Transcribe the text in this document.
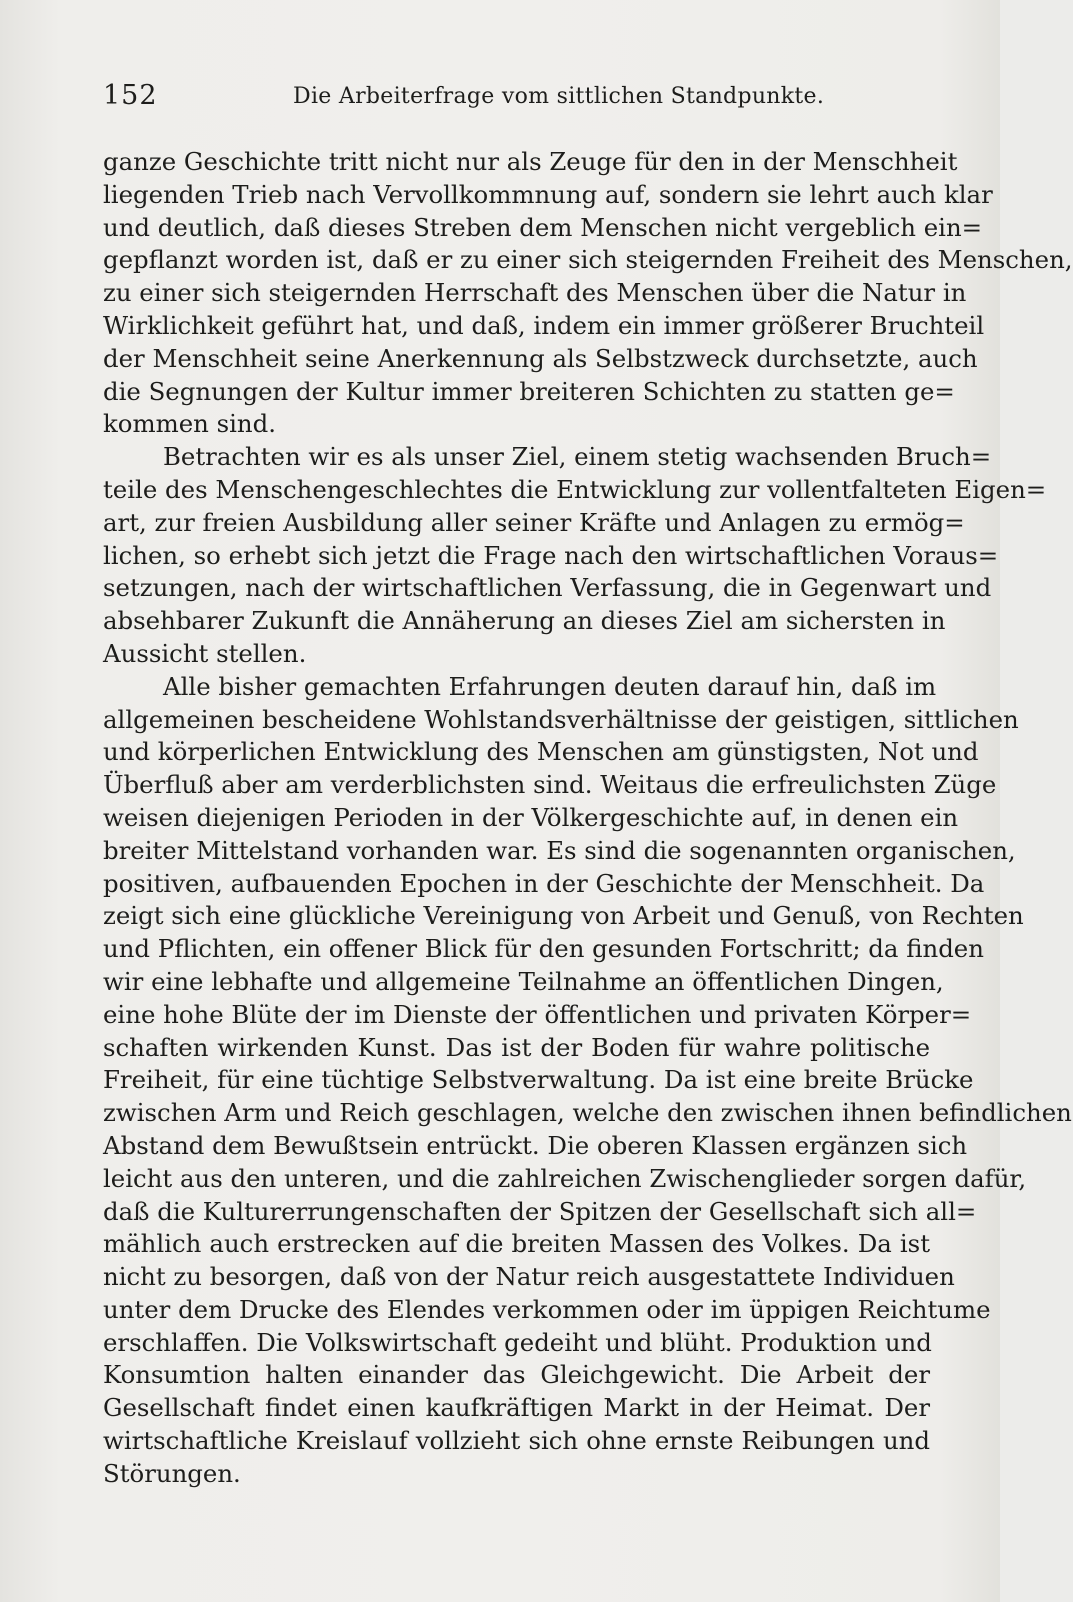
152	Die Arbeiterfrage vom sittlichen Standpunkte.
ganze Geschichte tritt nicht nur als Zeuge für den in der Menschheit
liegenden Trieb nach Vervollkommnung auf, sondern sie lehrt auch klar
und deutlich, daß dieses Streben dem Menschen nicht vergeblich ein=
gepflanzt worden ist, daß er zu einer sich steigernden Freiheit des Menschen,
zu einer sich steigernden Herrschaft des Menschen über die Natur in
Wirklichkeit geführt hat, und daß, indem ein immer größerer Bruchteil
der Menschheit seine Anerkennung als Selbstzweck durchsetzte, auch
die Segnungen der Kultur immer breiteren Schichten zu statten ge=
kommen sind.
Betrachten wir es als unser Ziel, einem stetig wachsenden Bruch=
teile des Menschengeschlechtes die Entwicklung zur vollentfalteten Eigen=
art, zur freien Ausbildung aller seiner Kräfte und Anlagen zu ermög=
lichen, so erhebt sich jetzt die Frage nach den wirtschaftlichen Voraus=
setzungen, nach der wirtschaftlichen Verfassung, die in Gegenwart und
absehbarer Zukunft die Annäherung an dieses Ziel am sichersten in
Aussicht stellen.
Alle bisher gemachten Erfahrungen deuten darauf hin, daß im
allgemeinen bescheidene Wohlstandsverhältnisse der geistigen, sittlichen
und körperlichen Entwicklung des Menschen am günstigsten, Not und
Überfluß aber am verderblichsten sind. Weitaus die erfreulichsten Züge
weisen diejenigen Perioden in der Völkergeschichte auf, in denen ein
breiter Mittelstand vorhanden war. Es sind die sogenannten organischen,
positiven, aufbauenden Epochen in der Geschichte der Menschheit. Da
zeigt sich eine glückliche Vereinigung von Arbeit und Genuß, von Rechten
und Pflichten, ein offener Blick für den gesunden Fortschritt; da finden
wir eine lebhafte und allgemeine Teilnahme an öffentlichen Dingen,
eine hohe Blüte der im Dienste der öffentlichen und privaten Körper=
schaften wirkenden Kunst. Das ist der Boden für wahre politische
Freiheit, für eine tüchtige Selbstverwaltung. Da ist eine breite Brücke
zwischen Arm und Reich geschlagen, welche den zwischen ihnen befindlichen
Abstand dem Bewußtsein entrückt. Die oberen Klassen ergänzen sich
leicht aus den unteren, und die zahlreichen Zwischenglieder sorgen dafür,
daß die Kulturerrungenschaften der Spitzen der Gesellschaft sich all=
mählich auch erstrecken auf die breiten Massen des Volkes. Da ist
nicht zu besorgen, daß von der Natur reich ausgestattete Individuen
unter dem Drucke des Elendes verkommen oder im üppigen Reichtume
erschlaffen. Die Volkswirtschaft gedeiht und blüht. Produktion und
Konsumtion halten einander das Gleichgewicht. Die Arbeit der
Gesellschaft findet einen kaufkräftigen Markt in der Heimat. Der
wirtschaftliche Kreislauf vollzieht sich ohne ernste Reibungen und
Störungen.
